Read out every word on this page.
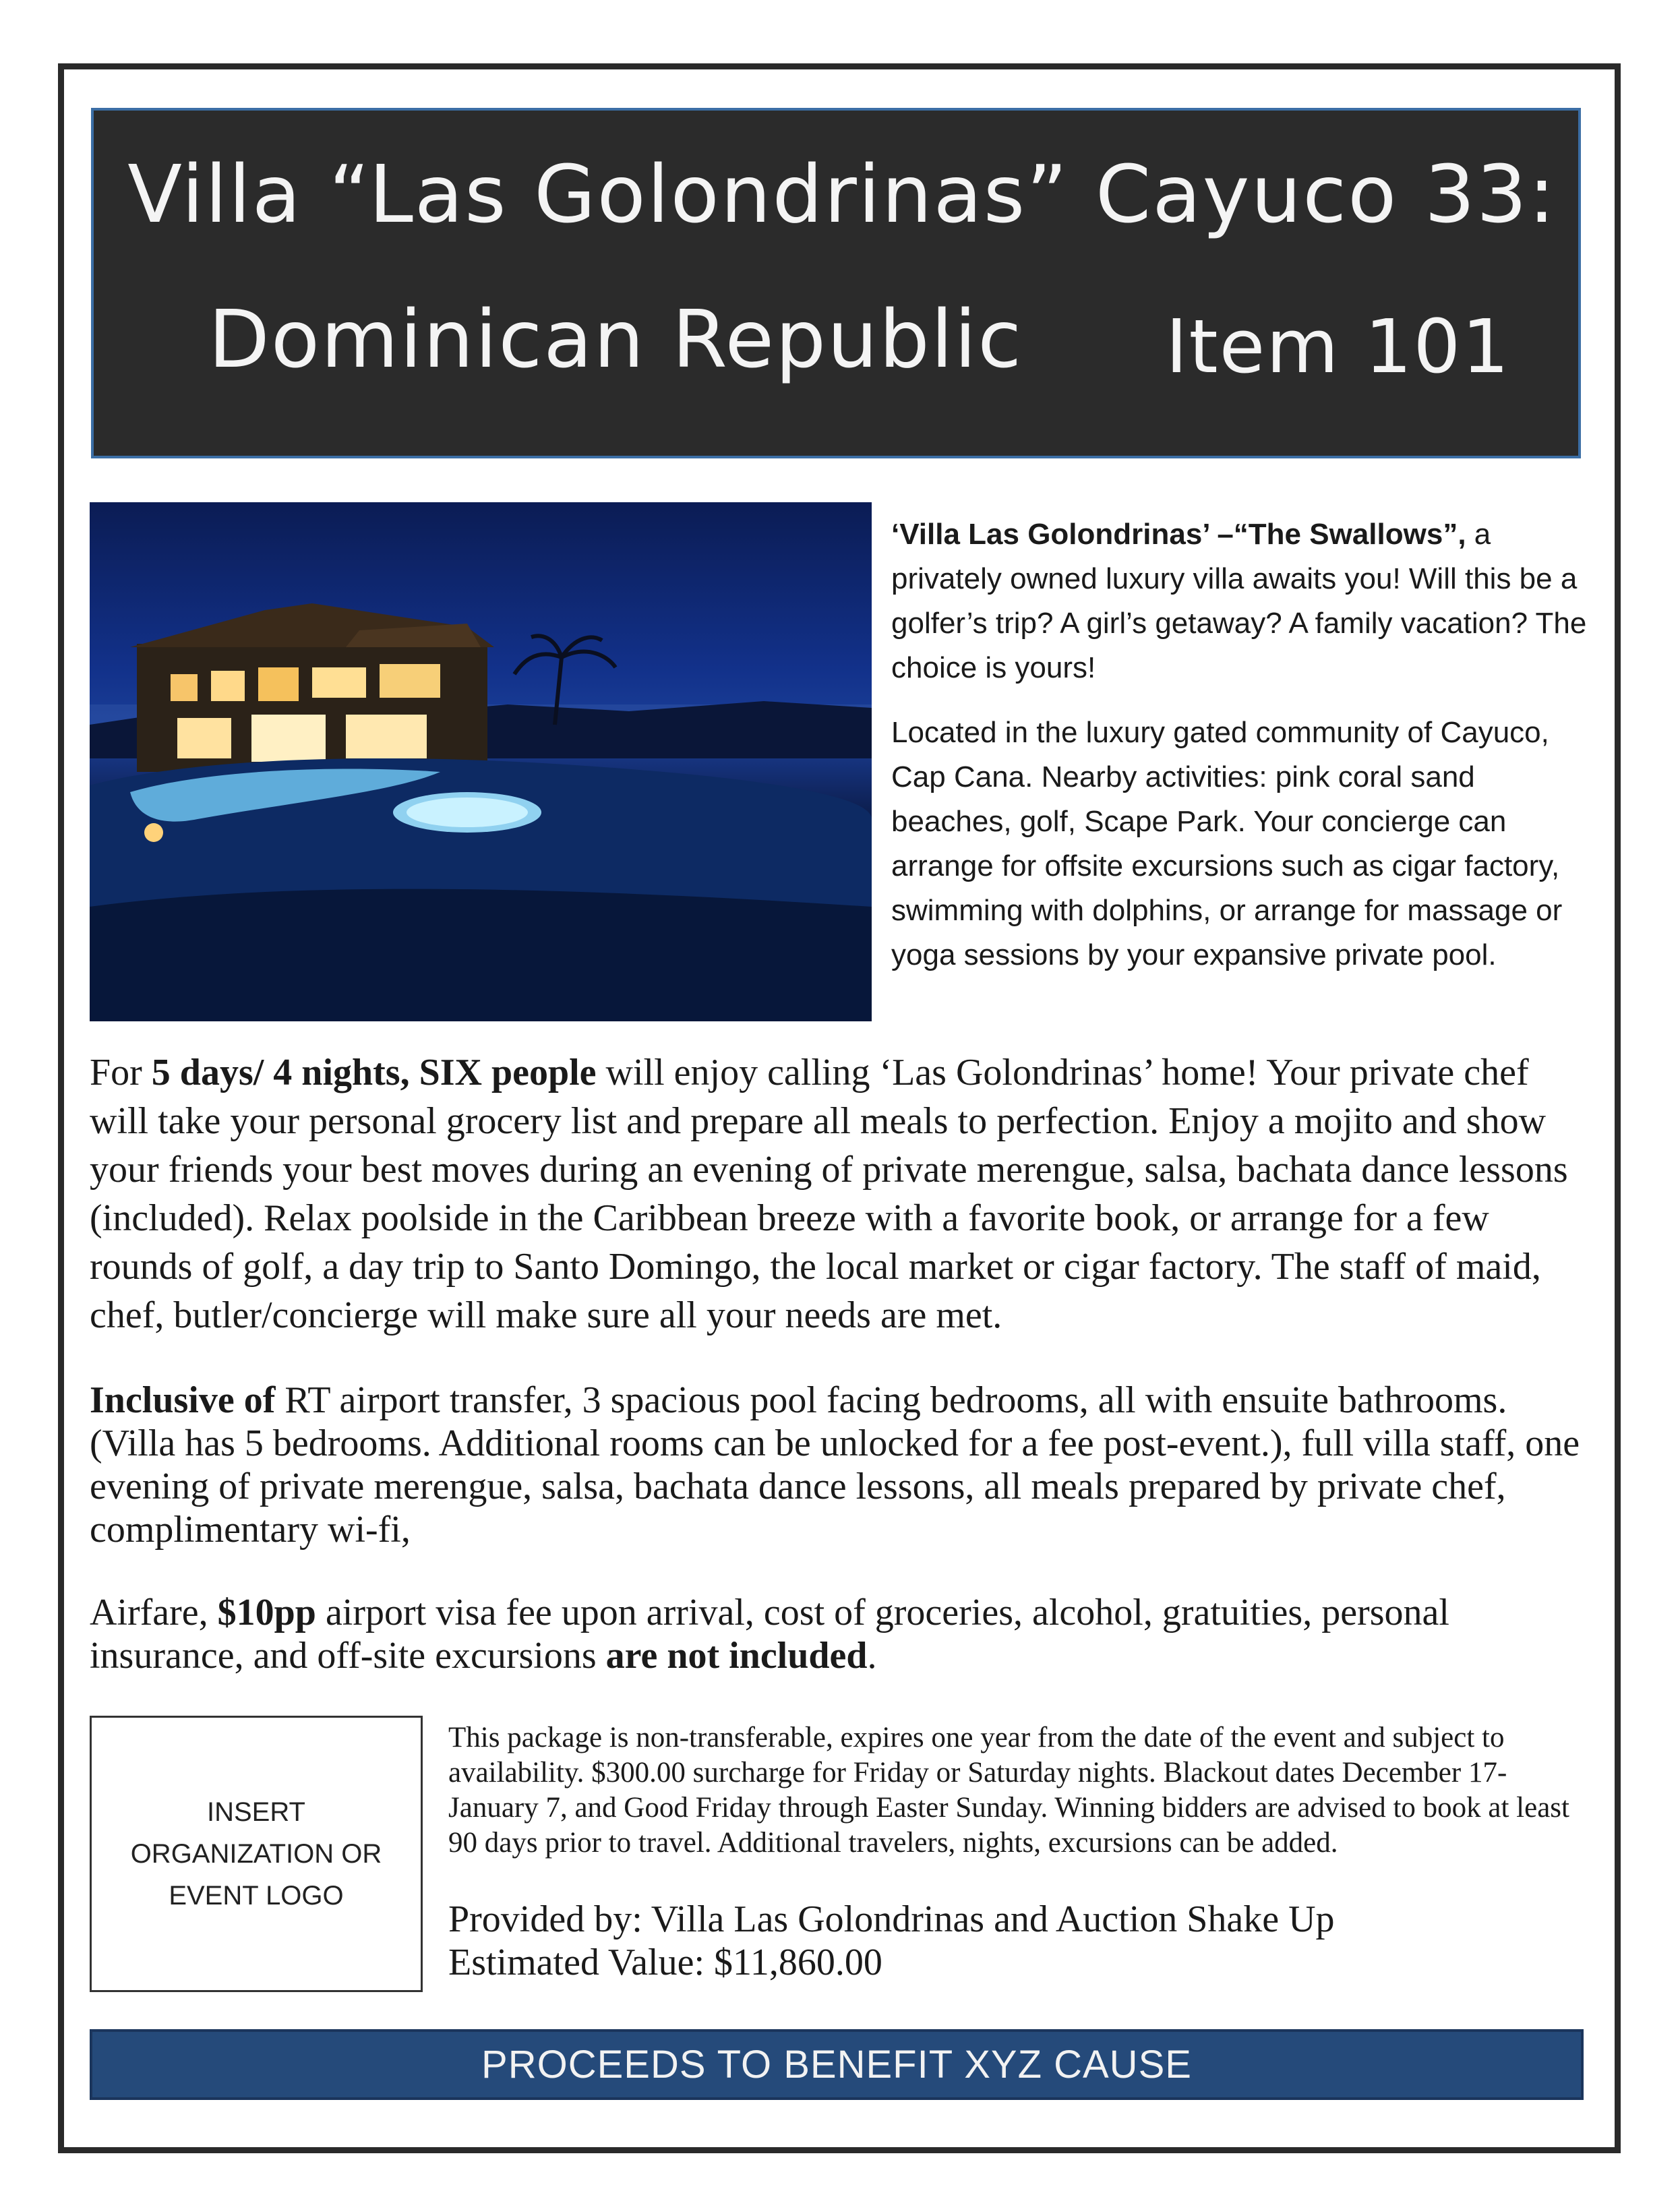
Villa “Las Golondrinas” Cayuco 33:
Dominican Republic Item 101

‘Villa Las Golondrinas’ –“The Swallows”, a privately owned luxury villa awaits you! Will this be a golfer’s trip? A girl’s getaway? A family vacation? The choice is yours!

Located in the luxury gated community of Cayuco, Cap Cana. Nearby activities: pink coral sand beaches, golf, Scape Park. Your concierge can arrange for offsite excursions such as cigar factory, swimming with dolphins, or arrange for massage or yoga sessions by your expansive private pool.

For 5 days/ 4 nights, SIX people will enjoy calling ‘Las Golondrinas’ home! Your private chef will take your personal grocery list and prepare all meals to perfection. Enjoy a mojito and show your friends your best moves during an evening of private merengue, salsa, bachata dance lessons (included). Relax poolside in the Caribbean breeze with a favorite book, or arrange for a few rounds of golf, a day trip to Santo Domingo, the local market or cigar factory. The staff of maid, chef, butler/concierge will make sure all your needs are met.

Inclusive of RT airport transfer, 3 spacious pool facing bedrooms, all with ensuite bathrooms. (Villa has 5 bedrooms. Additional rooms can be unlocked for a fee post-event.), full villa staff, one evening of private merengue, salsa, bachata dance lessons, all meals prepared by private chef, complimentary wi-fi,

Airfare, $10pp airport visa fee upon arrival, cost of groceries, alcohol, gratuities, personal insurance, and off-site excursions are not included.

INSERT
ORGANIZATION OR
EVENT LOGO
This package is non-transferable, expires one year from the date of the event and subject to availability. $300.00 surcharge for Friday or Saturday nights. Blackout dates December 17-January 7, and Good Friday through Easter Sunday. Winning bidders are advised to book at least 90 days prior to travel. Additional travelers, nights, excursions can be added.
Provided by: Villa Las Golondrinas and Auction Shake Up
Estimated Value: $11,860.00
PROCEEDS TO BENEFIT XYZ CAUSE
